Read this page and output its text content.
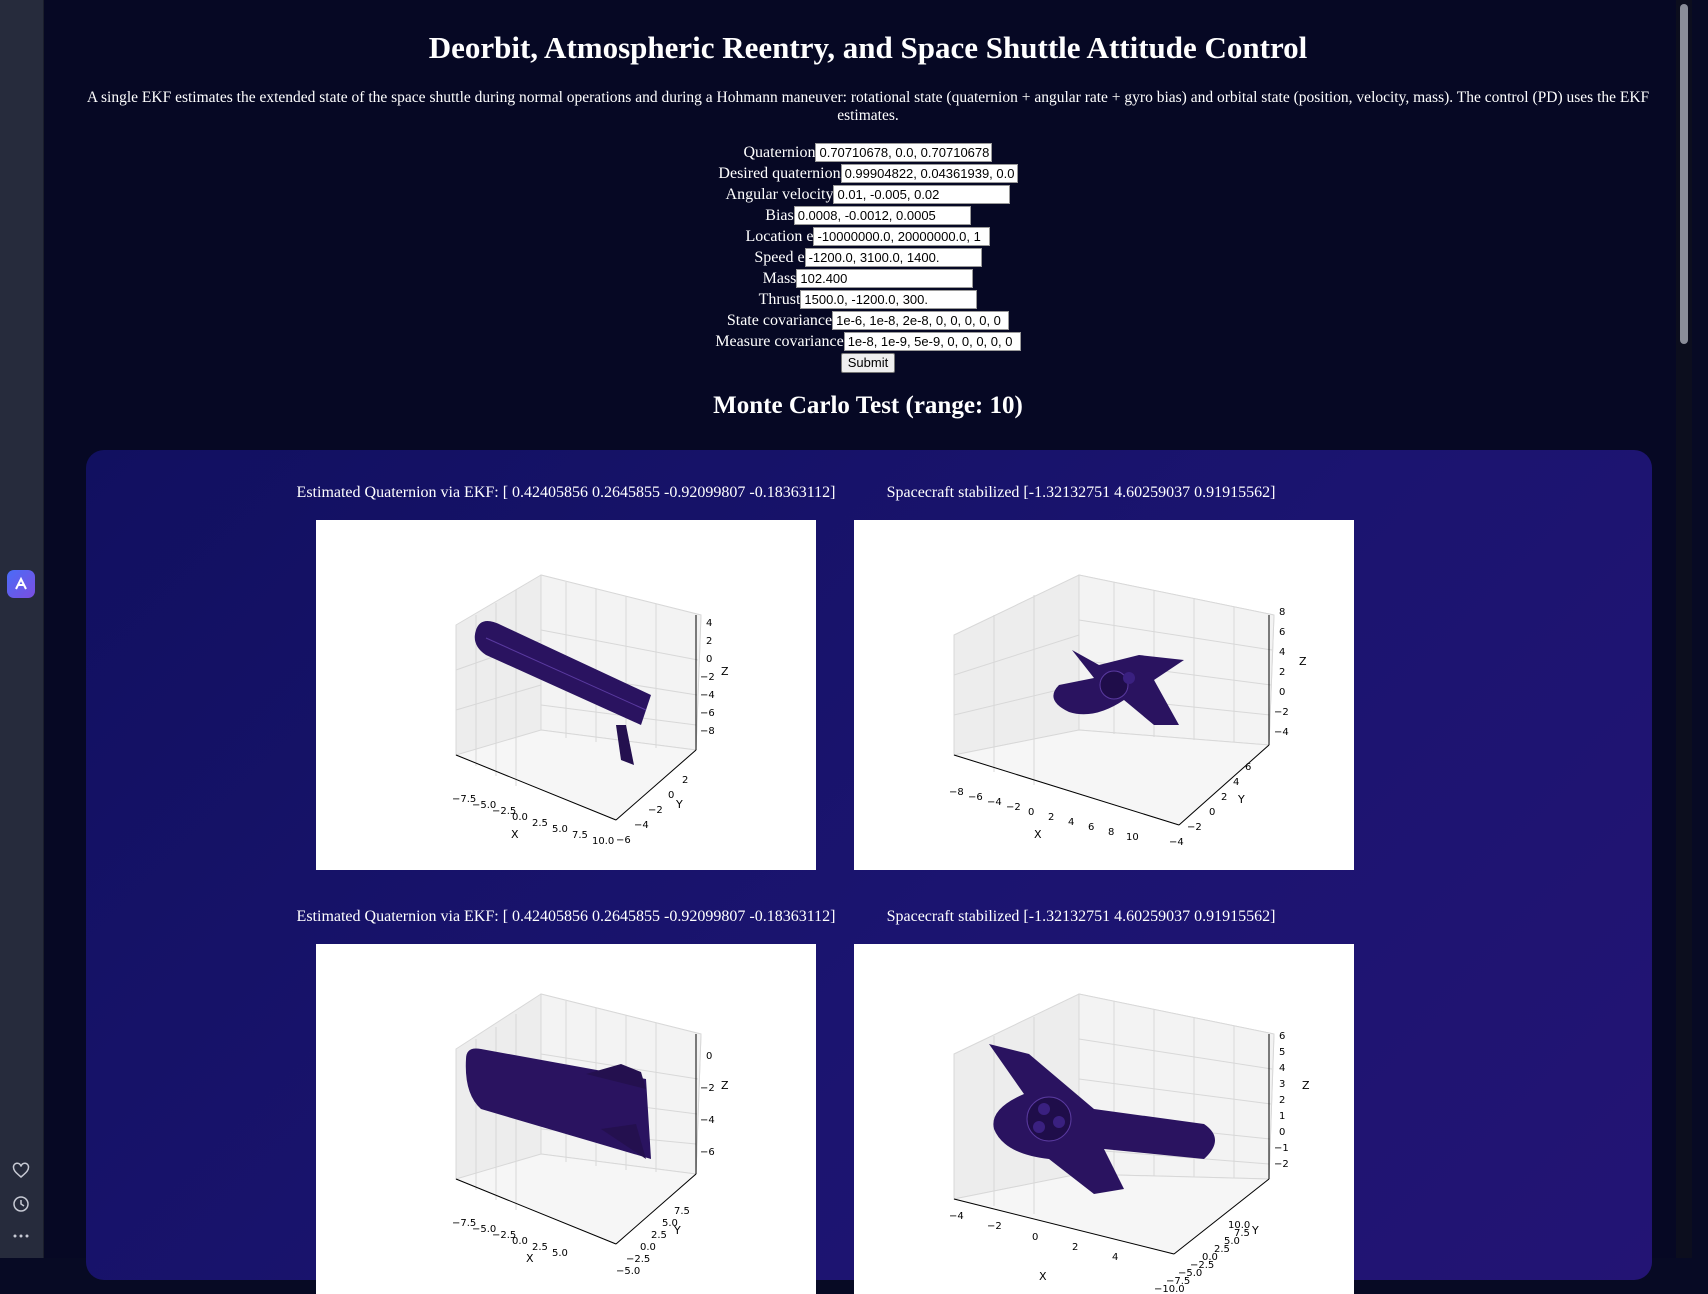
Deorbit, Atmospheric Reentry, and Space Shuttle Attitude Control

A single EKF estimates the extended state of the space shuttle during normal operations and during a Hohmann maneuver: rotational state (quaternion + angular rate + gyro bias) and orbital state (position, velocity, mass). The control (PD) uses the EKF estimates.

Quaternion 0.70710678, 0.0, 0.70710678
Desired quaternion 0.99904822, 0.04361939, 0.0
Angular velocity 0.01, -0.005, 0.02
Bias 0.0008, -0.0012, 0.0005
Location e -10000000.0, 20000000.0, 1
Speed e -1200.0, 3100.0, 1400.
Mass 102.400
Thrust 1500.0, -1200.0, 300.
State covariance 1e-6, 1e-8, 2e-8, 0, 0, 0, 0, 0
Measure covariance 1e-8, 1e-9, 5e-9, 0, 0, 0, 0, 0
Submit
Monte Carlo Test (range: 10)
Estimated Quaternion via EKF: [ 0.42405856 0.2645855 -0.92099807 -0.18363112]
Z
Y
X
4
2
0
−2
−4
−6
−8
−6
−4
−2
0
2
−7.5
−5.0
−2.5
0.0
2.5
5.0
7.5
10.0
Spacecraft stabilized [-1.32132751 4.60259037 0.91915562]
Z
Y
X
8
6
4
2
0
−2
−4
−4
−2
0
2
4
6
−8 −6 −4 −2 0 2 4 6 8 10
Estimated Quaternion via EKF: [ 0.42405856 0.2645855 -0.92099807 -0.18363112]
Z
Y
X
0
−2
−4
−6
−5.0
−2.5
0.0
2.5
5.0
7.5
−7.5
−5.0
−2.5
0.0
2.5
5.0
Spacecraft stabilized [-1.32132751 4.60259037 0.91915562]
Z
Y
X
6
5
4
3
2
1
0
−1
−2
−10.0
−7.5
−5.0
−2.5
0.0
2.5
5.0
7.5
10.0
−4
−2
0
2
4
